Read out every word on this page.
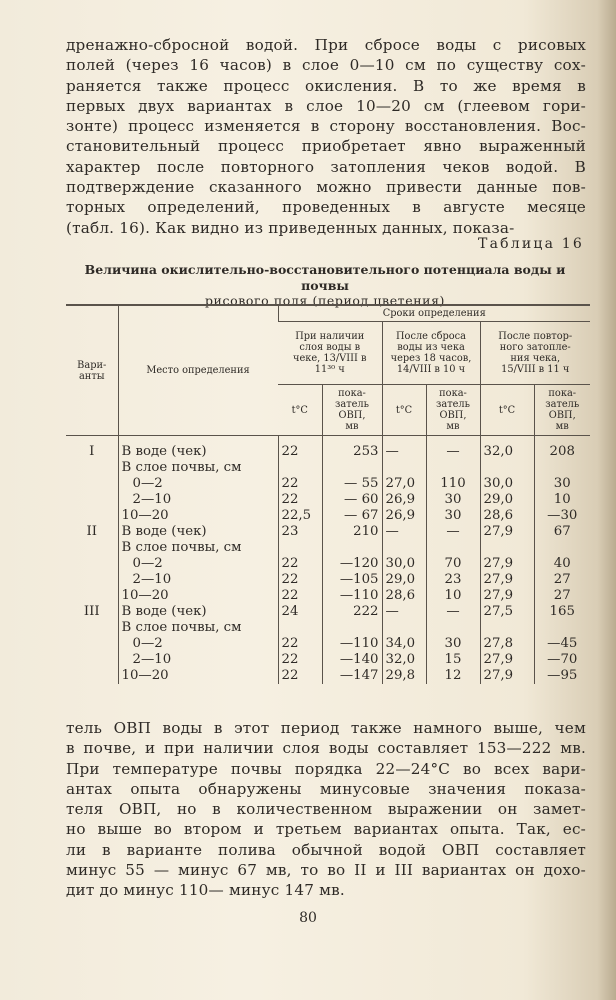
дренажно-сбросной водой. При сбросе воды с рисовых
полей (через 16 часов) в слое 0—10 см по существу сох-
раняется также процесс окисления. В то же время в
первых двух вариантах в слое 10—20 см (глеевом гори-
зонте) процесс изменяется в сторону восстановления. Вос-
становительный процесс приобретает явно выраженный
характер после повторного затопления чеков водой. В
подтверждение сказанного можно привести данные пов-
торных определений, проведенных в августе месяце
(табл. 16). Как видно из приведенных данных, показа-
Таблица 16
Величина окислительно-восстановительного потенциала воды и почвы
рисового поля (период цветения)
Вари-
анты	Место определения	Сроки определения					
		При наличии
слоя воды в
чеке, 13/VIII в
11³⁰ ч		После сброса
воды из чека
через 18 часов,
14/VIII в 10 ч		После повтор-
ного затопле-
ния чека,
15/VIII в 11 ч	
		t°C	пока-
затель
ОВП,
мв	t°C	пока-
затель
ОВП,
мв	t°C	пока-
затель
ОВП,
мв
I	В воде (чек)	22	253	—	—	32,0	208
	В слое почвы, см						
	0—2	22	— 55	27,0	110	30,0	30
	2—10	22	— 60	26,9	30	29,0	10
	10—20	22,5	— 67	26,9	30	28,6	—30
II	В воде (чек)	23	210	—	—	27,9	67
	В слое почвы, см						
	0—2	22	—120	30,0	70	27,9	40
	2—10	22	—105	29,0	23	27,9	27
	10—20	22	—110	28,6	10	27,9	27
III	В воде (чек)	24	222	—	—	27,5	165
	В слое почвы, см						
	0—2	22	—110	34,0	30	27,8	—45
	2—10	22	—140	32,0	15	27,9	—70
	10—20	22	—147	29,8	12	27,9	—95
тель ОВП воды в этот период также намного выше, чем
в почве, и при наличии слоя воды составляет 153—222 мв.
При температуре почвы порядка 22—24°С во всех вари-
антах опыта обнаружены минусовые значения показа-
теля ОВП, но в количественном выражении он замет-
но выше во втором и третьем вариантах опыта. Так, ес-
ли в варианте полива обычной водой ОВП составляет
минус 55 — минус 67 мв, то во II и III вариантах он дохо-
дит до минус 110— минус 147 мв.
80
